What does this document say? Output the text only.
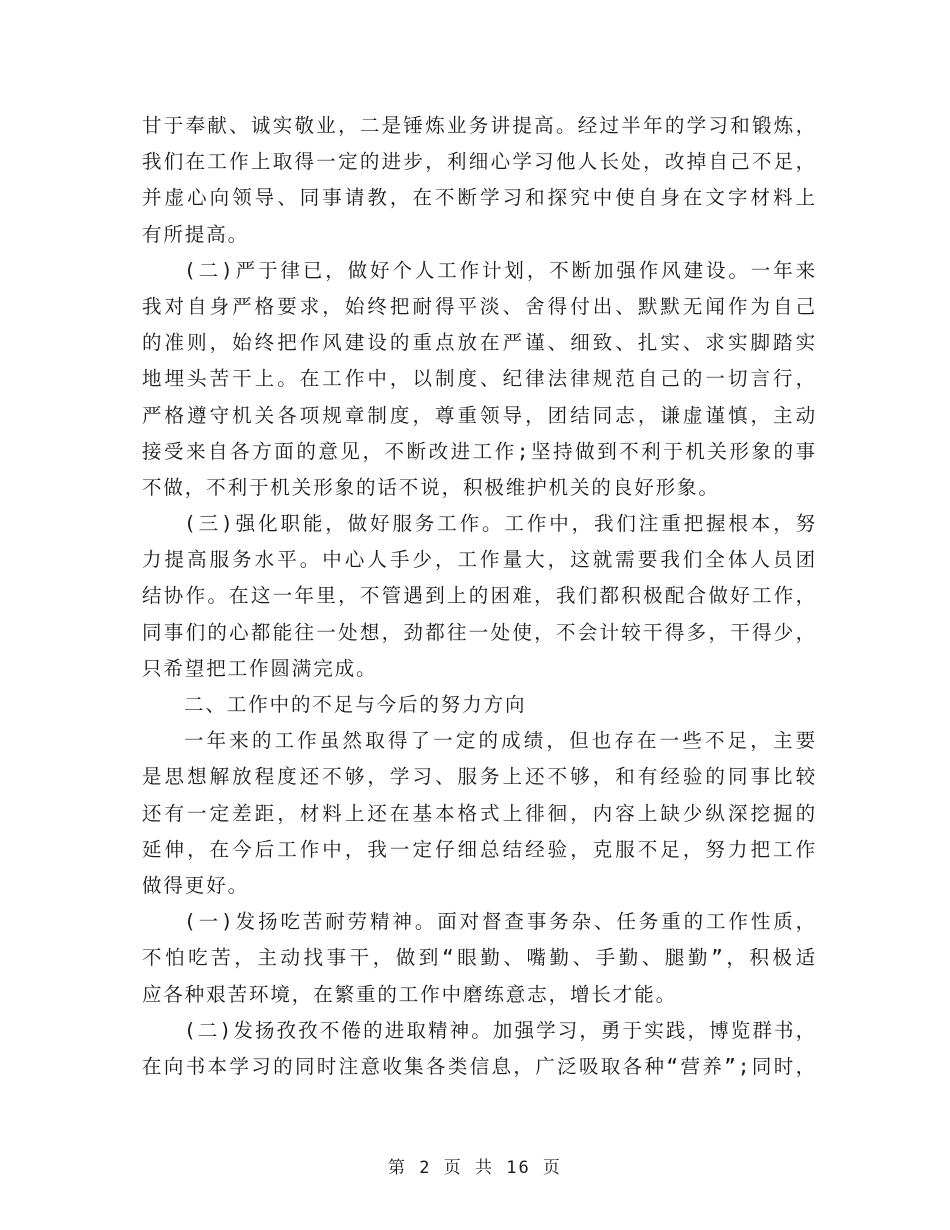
甘于奉献、诚实敬业，二是锤炼业务讲提高。经过半年的学习和锻炼，
我们在工作上取得一定的进步，利细心学习他人长处，改掉自己不足，
并虚心向领导、同事请教，在不断学习和探究中使自身在文字材料上
有所提高。
(二)严于律已，做好个人工作计划，不断加强作风建设。一年来
我对自身严格要求，始终把耐得平淡、舍得付出、默默无闻作为自己
的准则，始终把作风建设的重点放在严谨、细致、扎实、求实脚踏实
地埋头苦干上。在工作中，以制度、纪律法律规范自己的一切言行，
严格遵守机关各项规章制度，尊重领导，团结同志，谦虚谨慎，主动
接受来自各方面的意见，不断改进工作;坚持做到不利于机关形象的事
不做，不利于机关形象的话不说，积极维护机关的良好形象。
(三)强化职能，做好服务工作。工作中，我们注重把握根本，努
力提高服务水平。中心人手少，工作量大，这就需要我们全体人员团
结协作。在这一年里，不管遇到上的困难，我们都积极配合做好工作，
同事们的心都能往一处想，劲都往一处使，不会计较干得多，干得少，
只希望把工作圆满完成。
二、工作中的不足与今后的努力方向
一年来的工作虽然取得了一定的成绩，但也存在一些不足，主要
是思想解放程度还不够，学习、服务上还不够，和有经验的同事比较
还有一定差距，材料上还在基本格式上徘徊，内容上缺少纵深挖掘的
延伸，在今后工作中，我一定仔细总结经验，克服不足，努力把工作
做得更好。
(一)发扬吃苦耐劳精神。面对督查事务杂、任务重的工作性质，
不怕吃苦，主动找事干，做到“眼勤、嘴勤、手勤、腿勤”，积极适
应各种艰苦环境，在繁重的工作中磨练意志，增长才能。
(二)发扬孜孜不倦的进取精神。加强学习，勇于实践，博览群书，
在向书本学习的同时注意收集各类信息，广泛吸取各种“营养”;同时，
第 2 页 共 16 页
